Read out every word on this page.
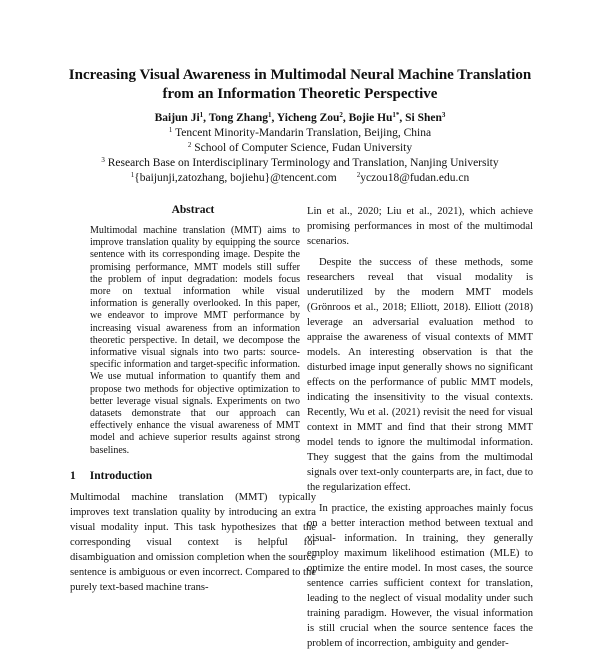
Increasing Visual Awareness in Multimodal Neural Machine Translation
from an Information Theoretic Perspective
Baijun Ji$^1$, Tong Zhang$^1$, Yicheng Zou$^2$, Bojie $Hu^{1*}$, Si Shen$^3$
$^1$ Tencent Minority-Mandarin Translation, Beijing, China
$^2$ School of Computer Science, Fudan University
$^3$ Research Base on Interdisciplinary Terminology and Translation, Nanjing University
$^1${baijunji,zatozhang, bojiehu}@tencent.com	$^2$yczou18@fudan.edu.cn
Abstract

Multimodal machine translation (MMT) aims to improve translation quality by equipping the source sentence with its corresponding image. Despite the promising performance, MMT models still suffer the problem of input degradation: models focus more on textual information while visual information is generally overlooked. In this paper, we endeavor to improve MMT performance by increasing visual awareness from an information theoretic perspective. In detail, we decompose the informative visual signals into two parts: source-specific information and target-specific information. We use mutual information to quantify them and propose two methods for objective optimization to better leverage visual signals. Experiments on two datasets demonstrate that our approach can effectively enhance the visual awareness of MMT model and achieve superior results against strong baselines.

1 Introduction

Multimodal machine translation (MMT) typically improves text translation quality by introducing an extra visual modality input. This task hypothesizes that the corresponding visual context is helpful for disambiguation and omission completion when the source sentence is ambiguous or even incorrect. Compared to the purely text-based machine trans-

Lin et al., 2020; Liu et al., 2021), which achieve promising performances in most of the multimodal scenarios.

Despite the success of these methods, some researchers reveal that visual modality is underutilized by the modern MMT models (Grönroos et al., 2018; Elliott, 2018). Elliott (2018) leverage an adversarial evaluation method to appraise the awareness of visual contexts of MMT models. An interesting observation is that the disturbed image input generally shows no significant effects on the performance of public MMT models, indicating the insensitivity to the visual contexts. Recently, Wu et al. (2021) revisit the need for visual context in MMT and find that their strong MMT model tends to ignore the multimodal information. They suggest that the gains from the multimodal signals over text-only counterparts are, in fact, due to the regularization effect.

In practice, the existing approaches mainly focus on a better interaction method between textual and visual- information. In training, they generally employ maximum likelihood estimation (MLE) to optimize the entire model. In most cases, the source sentence carries sufficient context for translation, leading to the neglect of visual modality under such training paradigm. However, the visual information is still crucial when the source sentence faces the problem of incorrection, ambiguity and gender-
